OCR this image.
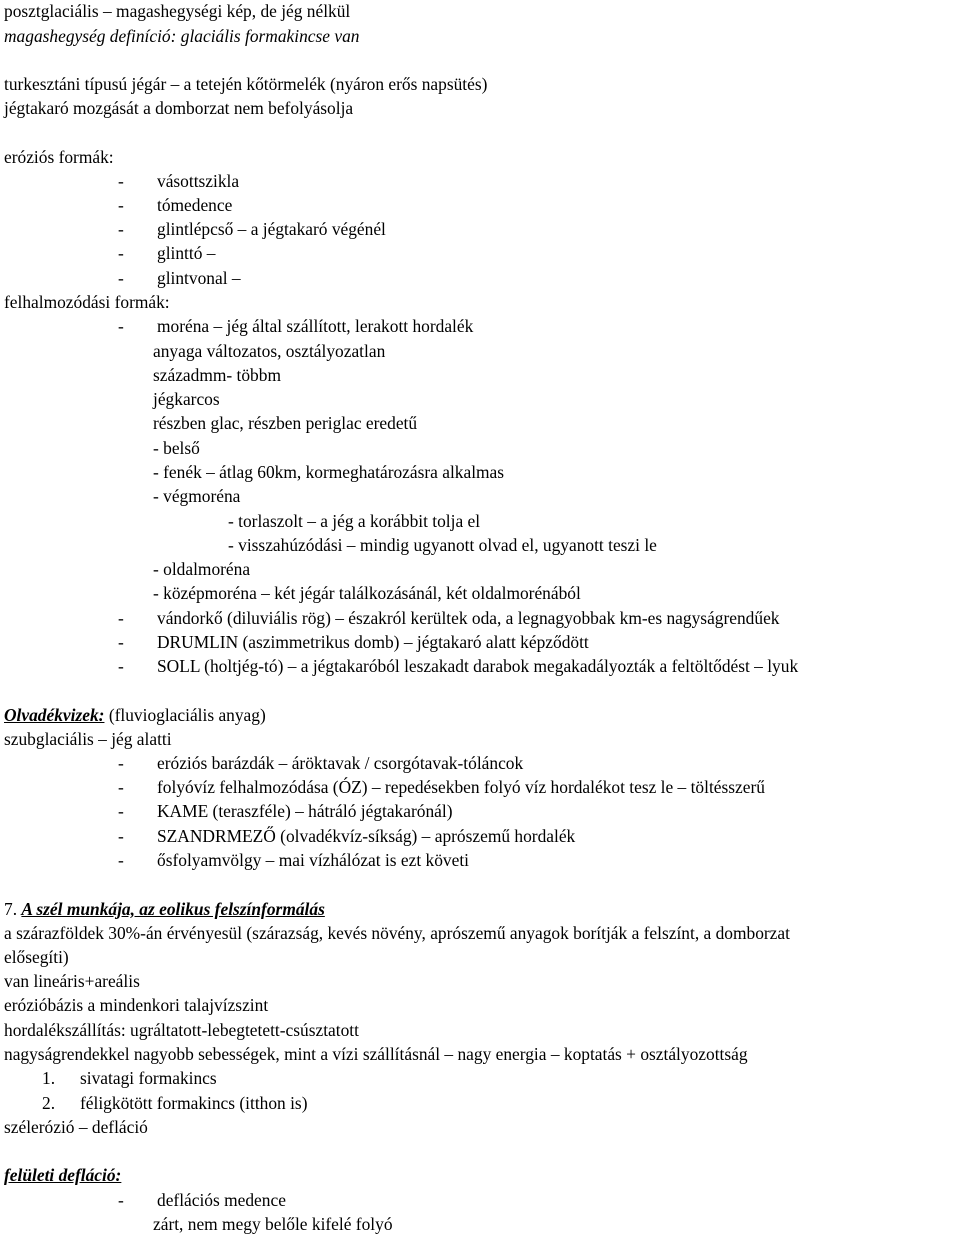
posztglaciális – magashegységi kép, de jég nélkül
magashegység definíció: glaciális formakincse van
turkesztáni típusú jégár – a tetején kőtörmelék (nyáron erős napsütés)
jégtakaró mozgását a domborzat nem befolyásolja
eróziós formák:
- vásottszikla
- tómedence
- glintlépcső – a jégtakaró végénél
- glinttó –
- glintvonal –
felhalmozódási formák:
- moréna – jég által szállított, lerakott hordalék
anyaga változatos, osztályozatlan
századmm- többm
jégkarcos
részben glac, részben periglac eredetű
- belső
- fenék – átlag 60km, kormeghatározásra alkalmas
- végmoréna
- torlaszolt – a jég a korábbit tolja el
- visszahúzódási – mindig ugyanott olvad el, ugyanott teszi le
- oldalmoréna
- középmoréna – két jégár találkozásánál, két oldalmorénából
- vándorkő (diluviális rög) – északról kerültek oda, a legnagyobbak km-es nagyságrendűek
- DRUMLIN (aszimmetrikus domb) – jégtakaró alatt képződött
- SOLL (holtjég-tó) – a jégtakaróból leszakadt darabok megakadályozták a feltöltődést – lyuk
Olvadékvizek: (fluvioglaciális anyag)
szubglaciális – jég alatti
- eróziós barázdák – áröktavak / csorgótavak-tóláncok
- folyóvíz felhalmozódása (ÓZ) – repedésekben folyó víz hordalékot tesz le – töltésszerű
- KAME (teraszféle) – hátráló jégtakarónál)
- SZANDRMEZŐ (olvadékvíz-síkság) – aprószemű hordalék
- ősfolyamvölgy – mai vízhálózat is ezt követi
7. A szél munkája, az eolikus felszínformálás
a szárazföldek 30%-án érvényesül (szárazság, kevés növény, aprószemű anyagok borítják a felszínt, a domborzat
elősegíti)
van lineáris+areális
erózióbázis a mindenkori talajvízszint
hordalékszállítás: ugráltatott-lebegtetett-csúsztatott
nagyságrendekkel nagyobb sebességek, mint a vízi szállításnál – nagy energia – koptatás + osztályozottság
1. sivatagi formakincs
2. féligkötött formakincs (itthon is)
szélerózió – defláció
felületi defláció:
- deflációs medence
zárt, nem megy belőle kifelé folyó
